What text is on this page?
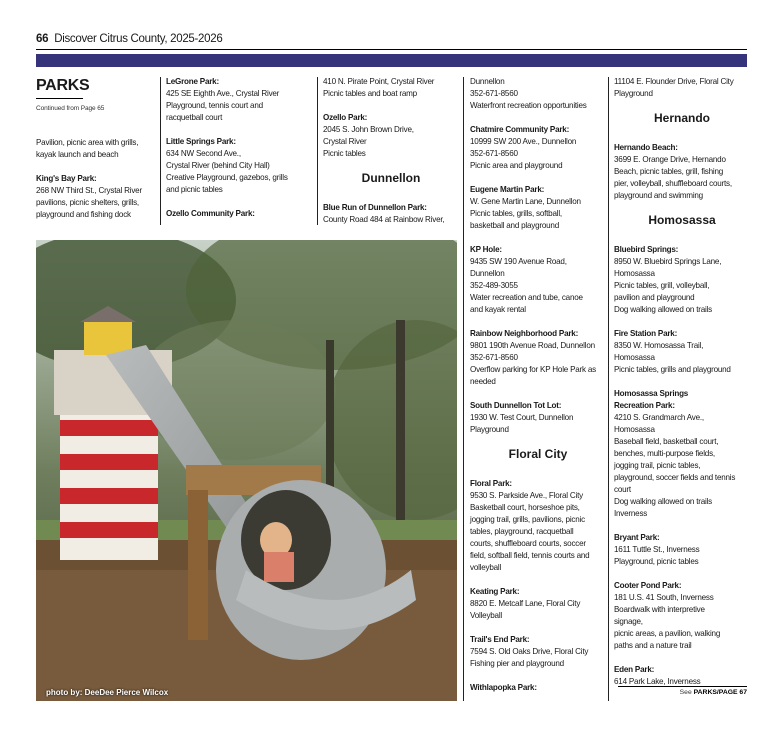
66 Discover Citrus County, 2025-2026
PARKS
Continued from Page 65
Pavilion, picnic area with grills,
kayak launch and beach
King's Bay Park:
268 NW Third St., Crystal River
pavilions, picnic shelters, grills,
playground and fishing dock
LeGrone Park:
425 SE Eighth Ave., Crystal River
Playground, tennis court and
racquetball court
Little Springs Park:
634 NW Second Ave.,
Crystal River (behind City Hall)
Creative Playground, gazebos, grills
and picnic tables
Ozello Community Park:
410 N. Pirate Point, Crystal River
Picnic tables and boat ramp
Ozello Park:
2045 S. John Brown Drive,
Crystal River
Picnic tables
Dunnellon
Blue Run of Dunnellon Park:
County Road 484 at Rainbow River,
Dunnellon
352-671-8560
Waterfront recreation opportunities
Chatmire Community Park:
10999 SW 200 Ave., Dunnellon
352-671-8560
Picnic area and playground
Eugene Martin Park:
W. Gene Martin Lane, Dunnellon
Picnic tables, grills, softball,
basketball and playground
KP Hole:
9435 SW 190 Avenue Road,
Dunnellon
352-489-3055
Water recreation and tube, canoe
and kayak rental
Rainbow Neighborhood Park:
9801 190th Avenue Road, Dunnellon
352-671-8560
Overflow parking for KP Hole Park as
needed
South Dunnellon Tot Lot:
1930 W. Test Court, Dunnellon
Playground
Floral City
Floral Park:
9530 S. Parkside Ave., Floral City
Basketball court, horseshoe pits,
jogging trail, grills, pavilions, picnic
tables, playground, racquetball
courts, shuffleboard courts, soccer
field, softball field, tennis courts and
volleyball
Keating Park:
8820 E. Metcalf Lane, Floral City
Volleyball
Trail's End Park:
7594 S. Old Oaks Drive, Floral City
Fishing pier and playground
Withlapopka Park:
11104 E. Flounder Drive, Floral City
Playground
Hernando
Hernando Beach:
3699 E. Orange Drive, Hernando
Beach, picnic tables, grill, fishing
pier, volleyball, shuffleboard courts,
playground and swimming
Homosassa
Bluebird Springs:
8950 W. Bluebird Springs Lane,
Homosassa
Picnic tables, grill, volleyball,
pavilion and playground
Dog walking allowed on trails
Fire Station Park:
8350 W. Homosassa Trail,
Homosassa
Picnic tables, grills and playground
Homosassa Springs
Recreation Park:
4210 S. Grandmarch Ave.,
Homosassa
Baseball field, basketball court,
benches, multi-purpose fields,
jogging trail, picnic tables,
playground, soccer fields and tennis
court
Dog walking allowed on trails
Inverness
Bryant Park:
1611 Tuttle St., Inverness
Playground, picnic tables
Cooter Pond Park:
181 U.S. 41 South, Inverness
Boardwalk with interpretive
signage,
picnic areas, a pavilion, walking
paths and a nature trail
Eden Park:
614 Park Lake, Inverness
photo by: DeeDee Pierce Wilcox	See PARKS/PAGE 67
